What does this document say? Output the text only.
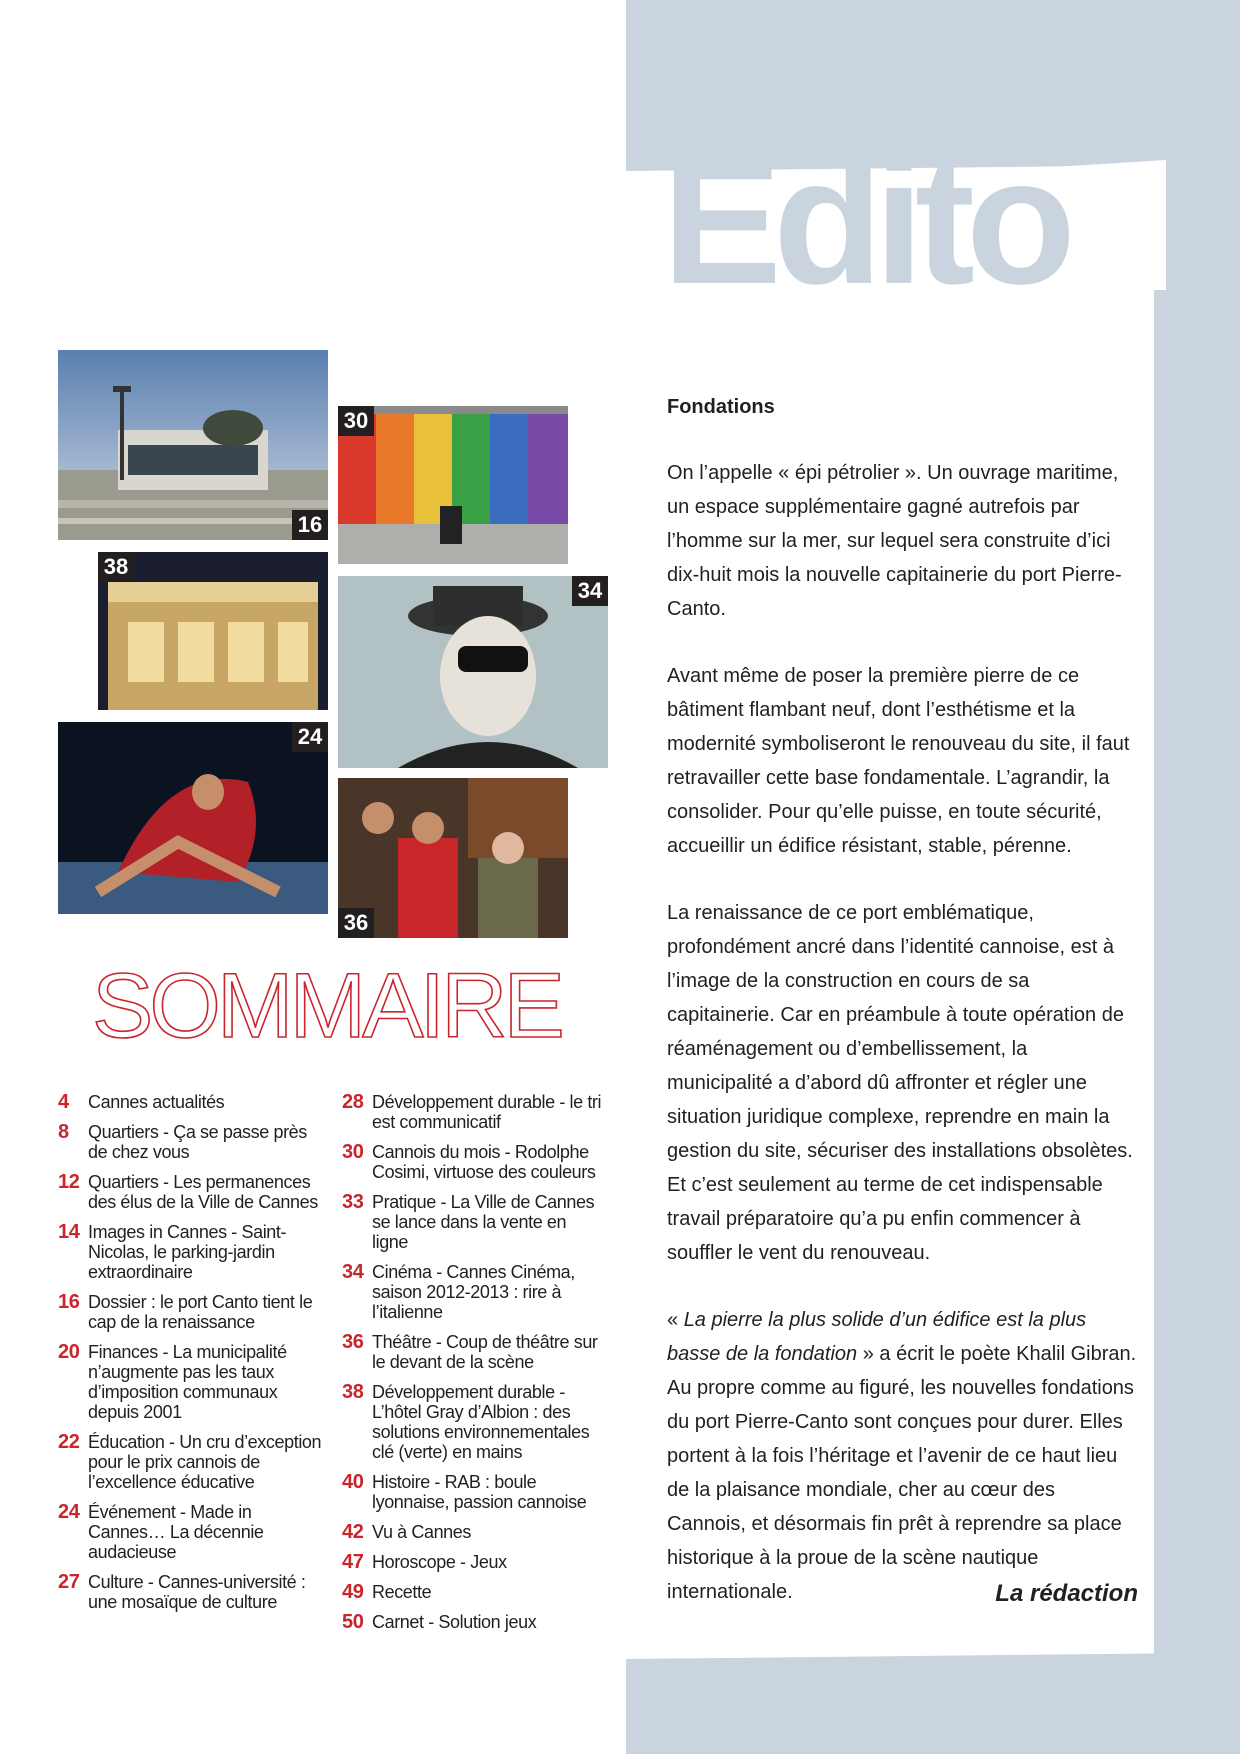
Édito
Fondations

On l’appelle « épi pétrolier ». Un ouvrage maritime, un espace supplémentaire gagné autrefois par l’homme sur la mer, sur lequel sera construite d’ici dix-huit mois la nouvelle capitainerie du port Pierre-Canto.

Avant même de poser la première pierre de ce bâtiment flambant neuf, dont l’esthétisme et la modernité symboliseront le renouveau du site, il faut retravailler cette base fondamentale. L’agrandir, la consolider. Pour qu’elle puisse, en toute sécurité, accueillir un édifice résistant, stable, pérenne.

La renaissance de ce port emblématique, profondément ancré dans l’identité cannoise, est à l’image de la construction en cours de sa capitainerie. Car en préambule à toute opération de réaménagement ou d’embellissement, la municipalité a d’abord dû affronter et régler une situation juridique complexe, reprendre en main la gestion du site, sécuriser des installations obsolètes. Et c’est seulement au terme de cet indispensable travail préparatoire qu’a pu enfin commencer à souffler le vent du renouveau.

« La pierre la plus solide d’un édifice est la plus basse de la fondation » a écrit le poète Khalil Gibran. Au propre comme au figuré, les nouvelles fondations du port Pierre-Canto sont conçues pour durer. Elles portent à la fois l’héritage et l’avenir de ce haut lieu de la plaisance mondiale, cher au cœur des Cannois, et désormais fin prêt à reprendre sa place historique à la proue de la scène nautique internationale.	La rédaction
16
30
38
34
24
36
SOMMAIRE
4	Cannes actualités
8	Quartiers - Ça se passe près de chez vous
12 Quartiers - Les permanences des élus de la Ville de Cannes
14 Images in Cannes - Saint-Nicolas, le parking-jardin extraordinaire
16 Dossier : le port Canto tient le cap de la renaissance
20 Finances - La municipalité n’augmente pas les taux d’imposition communaux depuis 2001
22 Éducation - Un cru d’exception pour le prix cannois de l’excellence éducative
24 Événement - Made in Cannes… La décennie audacieuse
27 Culture - Cannes-université : une mosaïque de culture
28 Développement durable - le tri est communicatif
30 Cannois du mois - Rodolphe Cosimi, virtuose des couleurs
33 Pratique - La Ville de Cannes se lance dans la vente en ligne
34 Cinéma - Cannes Cinéma, saison 2012-2013 : rire à l’italienne
36 Théâtre - Coup de théâtre sur le devant de la scène
38 Développement durable - L’hôtel Gray d’Albion : des solutions environnementales clé (verte) en mains
40 Histoire - RAB : boule lyonnaise, passion cannoise
42 Vu à Cannes
47 Horoscope - Jeux
49 Recette
50 Carnet - Solution jeux
